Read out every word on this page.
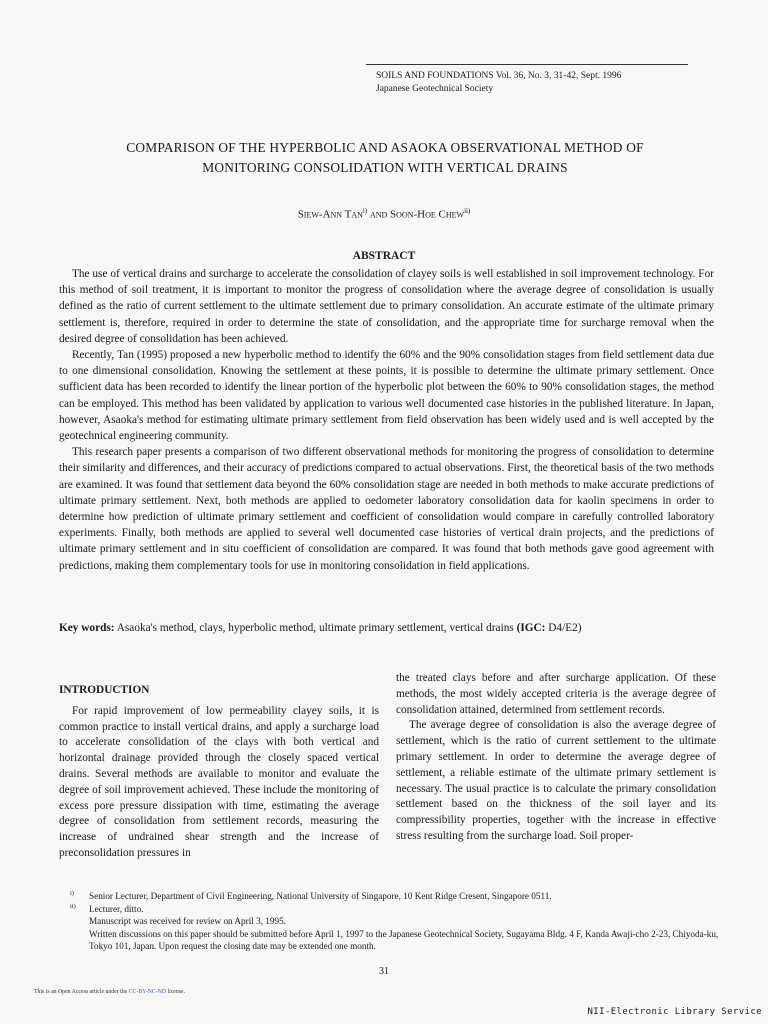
SOILS AND FOUNDATIONS Vol. 36, No. 3, 31-42, Sept. 1996
Japanese Geotechnical Society
COMPARISON OF THE HYPERBOLIC AND ASAOKA OBSERVATIONAL METHOD OF
MONITORING CONSOLIDATION WITH VERTICAL DRAINS
Siew-Ann Tan$^{i)}$ and Soon-Hoe Chew$^{ii)}$
ABSTRACT

The use of vertical drains and surcharge to accelerate the consolidation of clayey soils is well established in soil improvement technology. For this method of soil treatment, it is important to monitor the progress of consolidation where the average degree of consolidation is usually defined as the ratio of current settlement to the ultimate settlement due to primary consolidation. An accurate estimate of the ultimate primary settlement is, therefore, required in order to determine the state of consolidation, and the appropriate time for surcharge removal when the desired degree of consolidation has been achieved.

Recently, Tan (1995) proposed a new hyperbolic method to identify the 60% and the 90% consolidation stages from field settlement data due to one dimensional consolidation. Knowing the settlement at these points, it is possible to determine the ultimate primary settlement. Once sufficient data has been recorded to identify the linear portion of the hyperbolic plot between the 60% to 90% consolidation stages, the method can be employed. This method has been validated by application to various well documented case histories in the published literature. In Japan, however, Asaoka's method for estimating ultimate primary settlement from field observation has been widely used and is well accepted by the geotechnical engineering community.

This research paper presents a comparison of two different observational methods for monitoring the progress of consolidation to determine their similarity and differences, and their accuracy of predictions compared to actual observations. First, the theoretical basis of the two methods are examined. It was found that settlement data beyond the 60% consolidation stage are needed in both methods to make accurate predictions of ultimate primary settlement. Next, both methods are applied to oedometer laboratory consolidation data for kaolin specimens in order to determine how prediction of ultimate primary settlement and coefficient of consolidation would compare in carefully controlled laboratory experiments. Finally, both methods are applied to several well documented case histories of vertical drain projects, and the predictions of ultimate primary settlement and in situ coefficient of consolidation are compared. It was found that both methods gave good agreement with predictions, making them complementary tools for use in monitoring consolidation in field applications.

Key words: Asaoka's method, clays, hyperbolic method, ultimate primary settlement, vertical drains (IGC: D4/E2)
INTRODUCTION

For rapid improvement of low permeability clayey soils, it is common practice to install vertical drains, and apply a surcharge load to accelerate consolidation of the clays with both vertical and horizontal drainage provided through the closely spaced vertical drains. Several methods are available to monitor and evaluate the degree of soil improvement achieved. These include the monitoring of excess pore pressure dissipation with time, estimating the average degree of consolidation from settlement records, measuring the increase of undrained shear strength and the increase of preconsolidation pressures in

the treated clays before and after surcharge application. Of these methods, the most widely accepted criteria is the average degree of consolidation attained, determined from settlement records.

The average degree of consolidation is also the average degree of settlement, which is the ratio of current settlement to the ultimate primary settlement. In order to determine the average degree of settlement, a reliable estimate of the ultimate primary settlement is necessary. The usual practice is to calculate the primary consolidation settlement based on the thickness of the soil layer and its compressibility properties, together with the increase in effective stress resulting from the surcharge load. Soil proper-

i) Senior Lecturer, Department of Civil Engineering, National University of Singapore, 10 Kent Ridge Cresent, Singapore 0511.
ii) Lecturer, ditto.
Manuscript was received for review on April 3, 1995.
Written discussions on this paper should be submitted before April 1, 1997 to the Japanese Geotechnical Society, Sugayama Bldg. 4 F, Kanda Awaji-cho 2-23, Chiyoda-ku, Tokyo 101, Japan. Upon request the closing date may be extended one month.
31
This is an Open Access article under the CC-BY-NC-ND license.
NII-Electronic Library Service
